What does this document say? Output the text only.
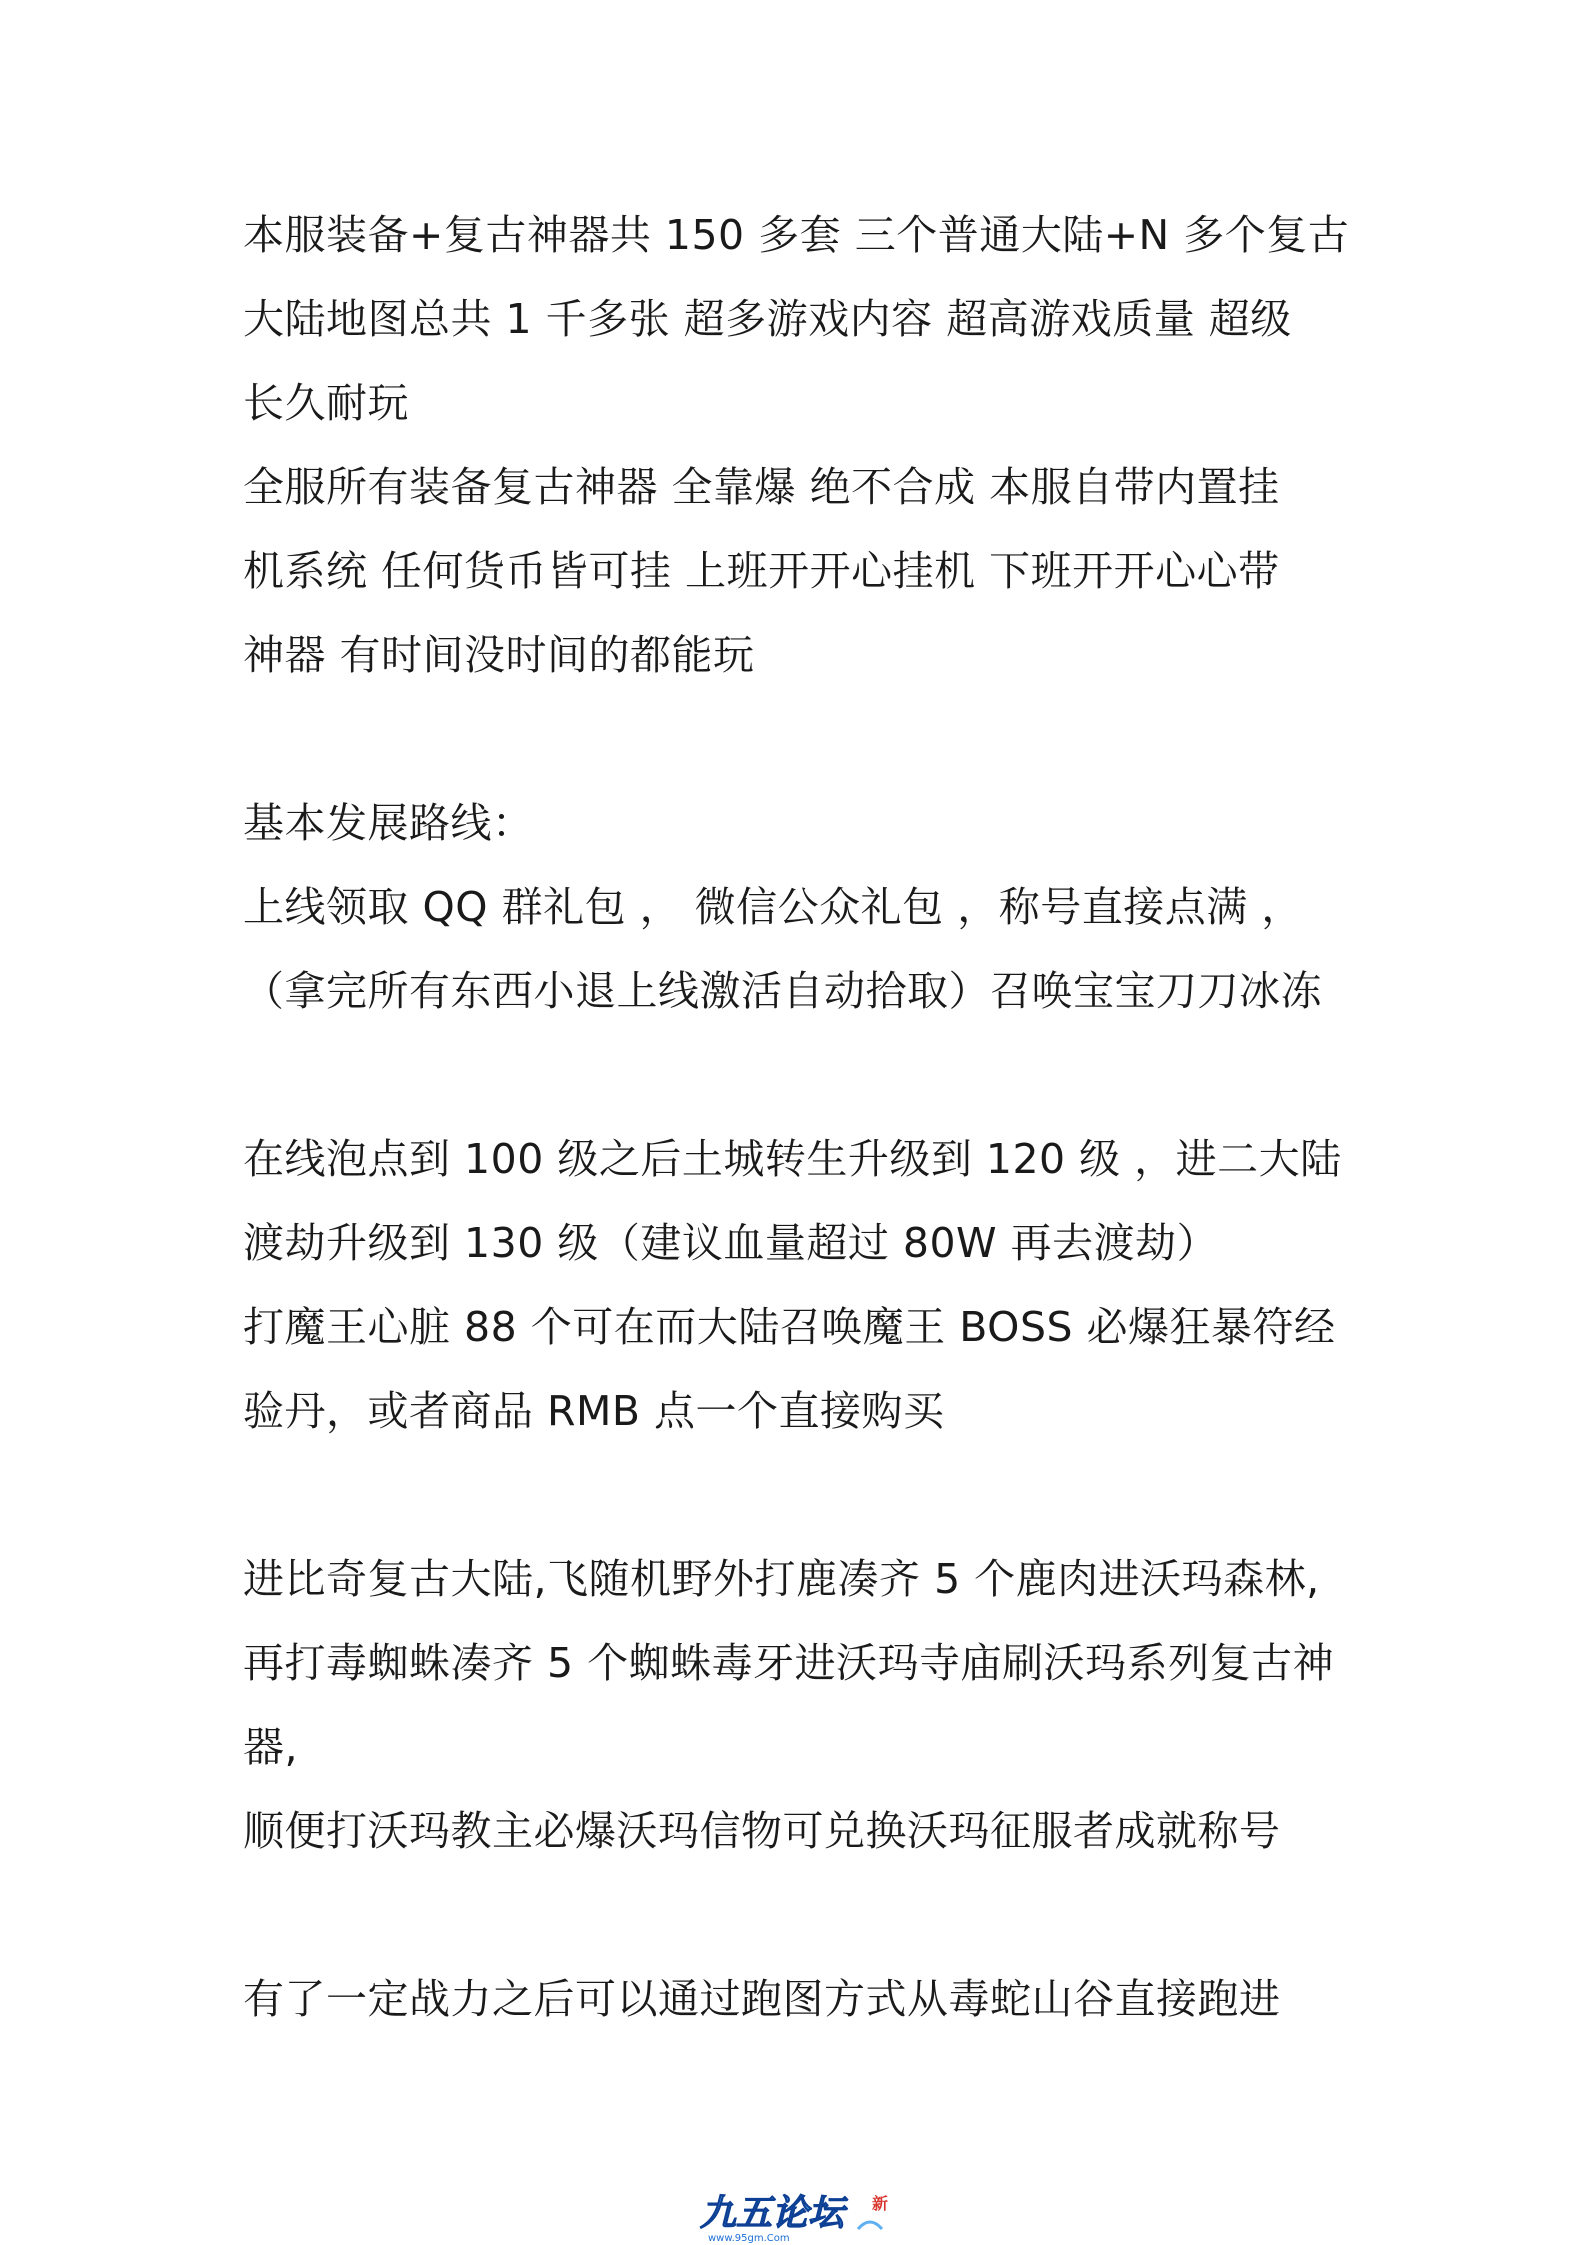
本服装备+复古神器共 150 多套 三个普通大陆+N 多个复古
大陆地图总共 1 千多张 超多游戏内容 超高游戏质量 超级
长久耐玩
全服所有装备复古神器 全靠爆 绝不合成 本服自带内置挂
机系统 任何货币皆可挂 上班开开心挂机 下班开开心心带
神器 有时间没时间的都能玩
基本发展路线：
上线领取 QQ 群礼包 ， 微信公众礼包 ，称号直接点满 ，
（拿完所有东西小退上线激活自动拾取）召唤宝宝刀刀冰冻
在线泡点到 100 级之后土城转生升级到 120 级 ，进二大陆
渡劫升级到 130 级（建议血量超过 80W 再去渡劫）
打魔王心脏 88 个可在而大陆召唤魔王 BOSS 必爆狂暴符经
验丹，或者商品 RMB 点一个直接购买
进比奇复古大陆,飞随机野外打鹿凑齐 5 个鹿肉进沃玛森林,
再打毒蜘蛛凑齐 5 个蜘蛛毒牙进沃玛寺庙刷沃玛系列复古神
器,
顺便打沃玛教主必爆沃玛信物可兑换沃玛征服者成就称号
有了一定战力之后可以通过跑图方式从毒蛇山谷直接跑进
九五论坛
www.95gm.Com
新
